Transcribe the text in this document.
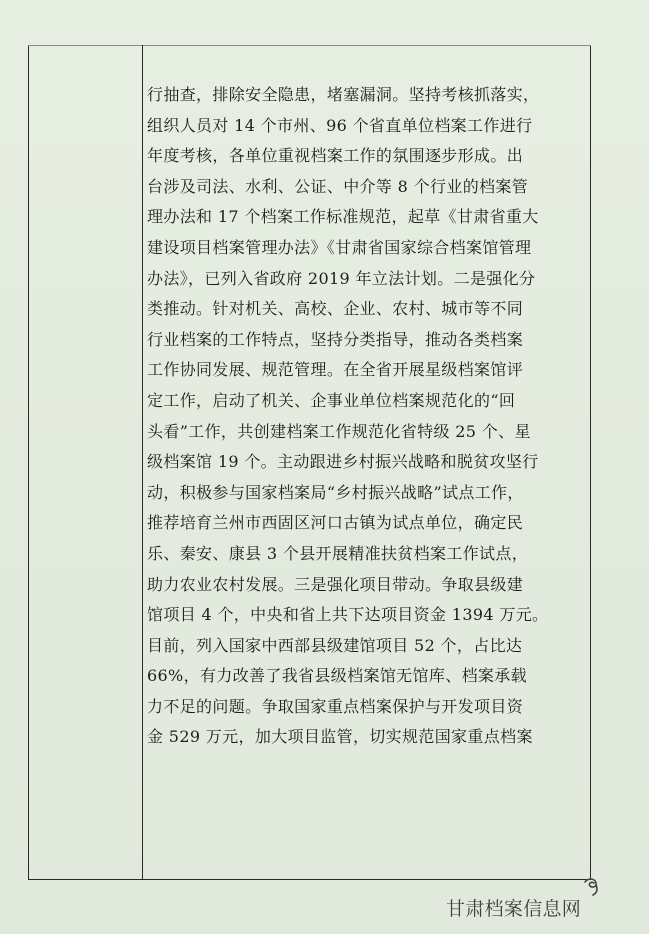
行抽查，排除安全隐患，堵塞漏洞。坚持考核抓落实，
组织人员对 14 个市州、96 个省直单位档案工作进行
年度考核，各单位重视档案工作的氛围逐步形成。出
台涉及司法、水利、公证、中介等 8 个行业的档案管
理办法和 17 个档案工作标准规范，起草《甘肃省重大
建设项目档案管理办法》《甘肃省国家综合档案馆管理
办法》，已列入省政府 2019 年立法计划。二是强化分
类推动。针对机关、高校、企业、农村、城市等不同
行业档案的工作特点，坚持分类指导，推动各类档案
工作协同发展、规范管理。在全省开展星级档案馆评
定工作，启动了机关、企事业单位档案规范化的“回
头看”工作，共创建档案工作规范化省特级 25 个、星
级档案馆 19 个。主动跟进乡村振兴战略和脱贫攻坚行
动，积极参与国家档案局“乡村振兴战略”试点工作，
推荐培育兰州市西固区河口古镇为试点单位，确定民
乐、秦安、康县 3 个县开展精准扶贫档案工作试点，
助力农业农村发展。三是强化项目带动。争取县级建
馆项目 4 个，中央和省上共下达项目资金 1394 万元。
目前，列入国家中西部县级建馆项目 52 个，占比达
66%，有力改善了我省县级档案馆无馆库、档案承载
力不足的问题。争取国家重点档案保护与开发项目资
金 529 万元，加大项目监管，切实规范国家重点档案
甘肃档案信息网
